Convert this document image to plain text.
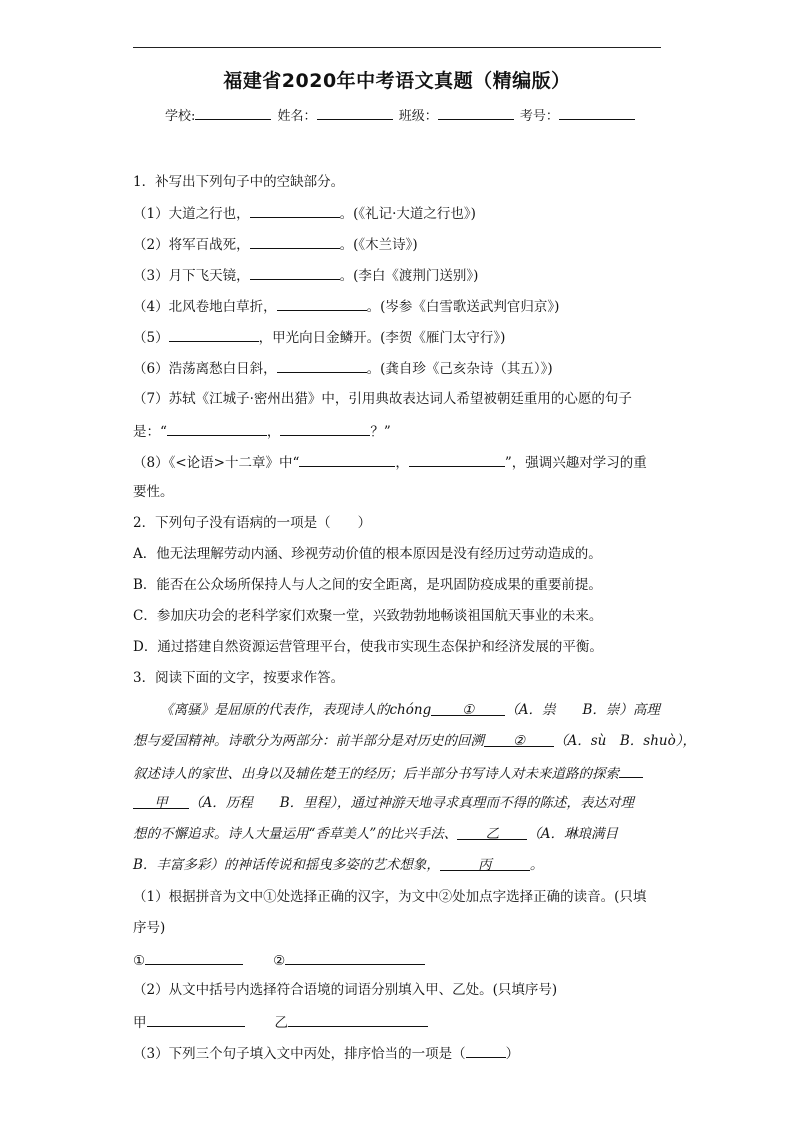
福建省2020年中考语文真题（精编版）
学校:	姓名：	班级：	考号：
1．补写出下列句子中的空缺部分。
（1）大道之行也，	。(《礼记·大道之行也》)
（2）将军百战死，	。(《木兰诗》)
（3）月下飞天镜，	。(李白《渡荆门送别》)
（4）北风卷地白草折，	。(岑参《白雪歌送武判官归京》)
（5）	，甲光向日金鳞开。(李贺《雁门太守行》)
（6）浩荡离愁白日斜，	。(龚自珍《己亥杂诗（其五）》)
（7）苏轼《江城子·密州出猎》中，引用典故表达词人希望被朝廷重用的心愿的句子
是：“	，	？”
（8）《<论语>十二章》中“	，	”，强调兴趣对学习的重
要性。
2．下列句子没有语病的一项是（　　）
A．他无法理解劳动内涵、珍视劳动价值的根本原因是没有经历过劳动造成的。
B．能否在公众场所保持人与人之间的安全距离，是巩固防疫成果的重要前提。
C．参加庆功会的老科学家们欢聚一堂，兴致勃勃地畅谈祖国航天事业的未来。
D．通过搭建自然资源运营管理平台，使我市实现生态保护和经济发展的平衡。
3．阅读下面的文字，按要求作答。
《离骚》是屈原的代表作，表现诗人的chóng ① （A．祟　　B．崇）高理
想与爱国精神。诗歌分为两部分：前半部分是对历史的回溯 ② （A．sù　B．shuò），
叙述诗人的家世、出身以及辅佐楚王的经历；后半部分书写诗人对未来道路的探索
甲 （A．历程　　B．里程），通过神游天地寻求真理而不得的陈述，表达对理
想的不懈追求。诗人大量运用“香草美人”的比兴手法、 乙 （A．琳琅满目
B．丰富多彩）的神话传说和摇曳多姿的艺术想象，	丙	。
（1）根据拼音为文中①处选择正确的汉字，为文中②处加点字选择正确的读音。(只填
序号)
①	②
（2）从文中括号内选择符合语境的词语分别填入甲、乙处。(只填序号)
甲	乙
（3）下列三个句子填入文中丙处，排序恰当的一项是（	）
